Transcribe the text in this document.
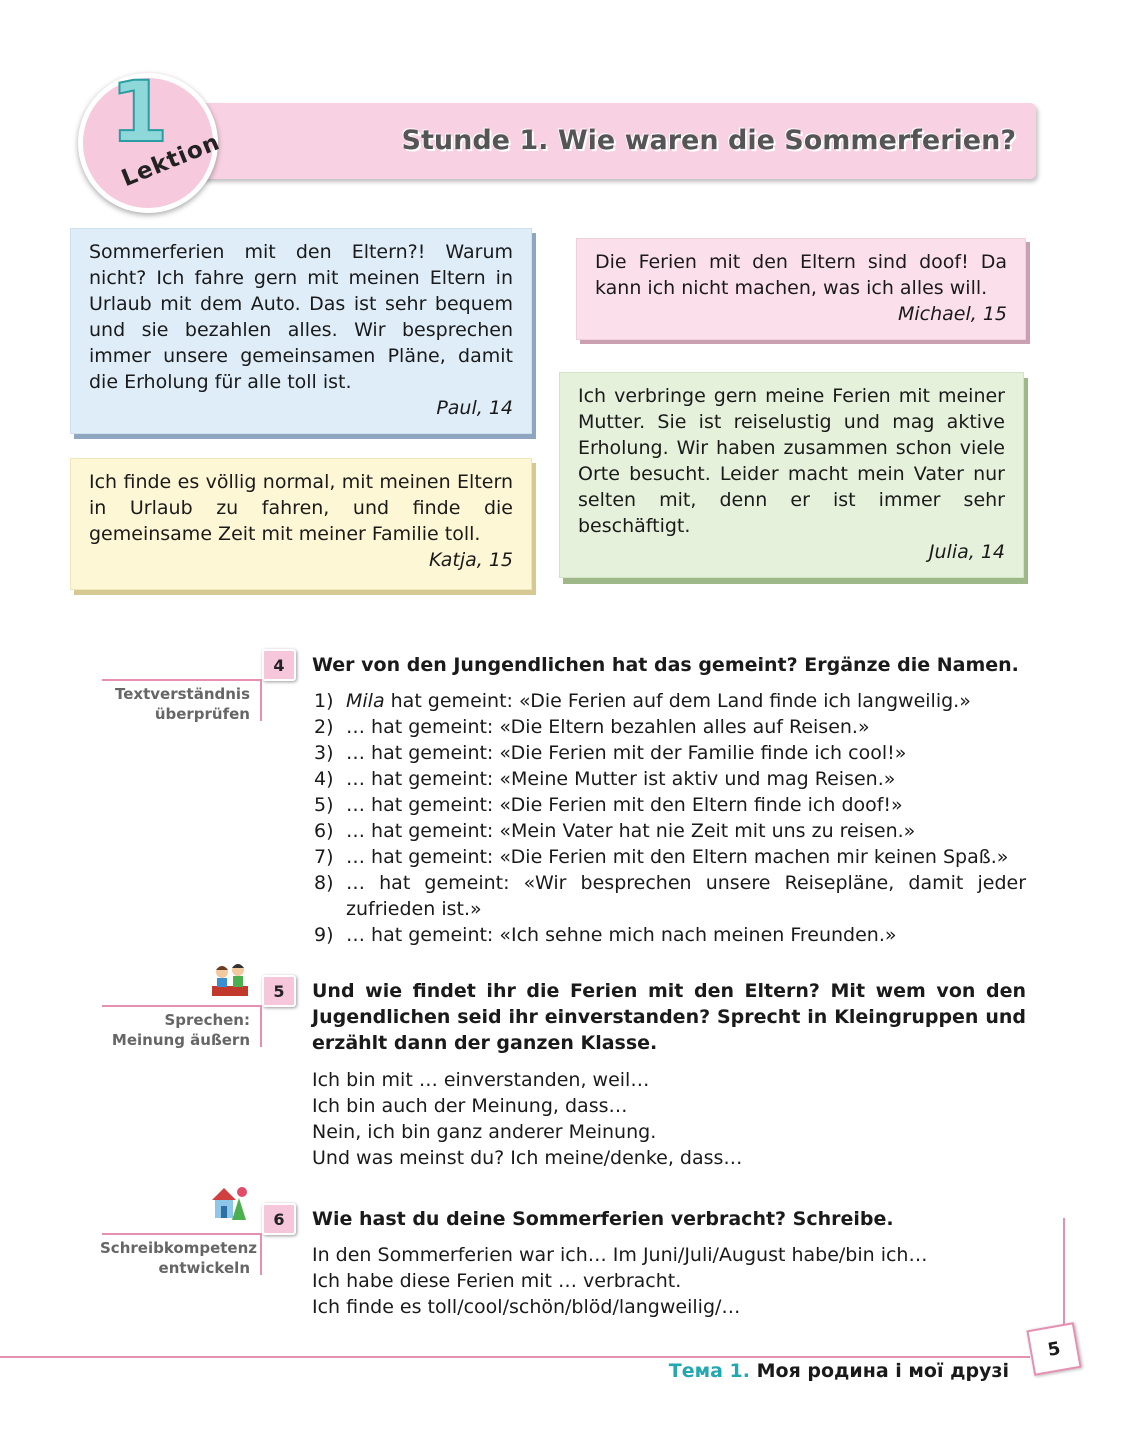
Stunde 1. Wie waren die Sommerferien?
1
Lektion

Sommerferien mit den Eltern?! Warum nicht? Ich fahre gern mit meinen Eltern in Urlaub mit dem Auto. Das ist sehr bequem und sie bezahlen alles. Wir besprechen immer unsere gemeinsamen Pläne, damit die Erholung für alle toll ist.

Paul, 14

Die Ferien mit den Eltern sind doof! Da kann ich nicht machen, was ich alles will.

Michael, 15

Ich verbringe gern meine Ferien mit meiner Mutter. Sie ist reiselustig und mag aktive Erholung. Wir haben zusammen schon viele Orte besucht. Leider macht mein Vater nur selten mit, denn er ist immer sehr beschäftigt.

Julia, 14

Ich finde es völlig normal, mit meinen Eltern in Urlaub zu fahren, und finde die gemeinsame Zeit mit meiner Familie toll.

Katja, 15

4
Textverständnis
überprüfen
Wer von den Jungendlichen hat das gemeint? Ergänze die Namen.
1) Mila hat gemeint: «Die Ferien auf dem Land finde ich langweilig.»
2) … hat gemeint: «Die Eltern bezahlen alles auf Reisen.»
3) … hat gemeint: «Die Ferien mit der Familie finde ich cool!»
4) … hat gemeint: «Meine Mutter ist aktiv und mag Reisen.»
5) … hat gemeint: «Die Ferien mit den Eltern finde ich doof!»
6) … hat gemeint: «Mein Vater hat nie Zeit mit uns zu reisen.»
7) … hat gemeint: «Die Ferien mit den Eltern machen mir keinen Spaß.»
8) … hat gemeint: «Wir besprechen unsere Reisepläne, damit jeder zufrieden ist.»
9) … hat gemeint: «Ich sehne mich nach meinen Freunden.»
5
Sprechen:
Meinung äußern
Und wie findet ihr die Ferien mit den Eltern? Mit wem von den Jugendlichen seid ihr einverstanden? Sprecht in Kleingruppen und erzählt dann der ganzen Klasse.
Ich bin mit … einverstanden, weil…
Ich bin auch der Meinung, dass…
Nein, ich bin ganz anderer Meinung.
Und was meinst du? Ich meine/denke, dass…
6
Schreibkompetenz
entwickeln
Wie hast du deine Sommerferien verbracht? Schreibe.
In den Sommerferien war ich… Im Juni/Juli/August habe/bin ich…
Ich habe diese Ferien mit … verbracht.
Ich finde es toll/cool/schön/blöd/langweilig/…
5
Тема 1. Моя родина і мої друзі
